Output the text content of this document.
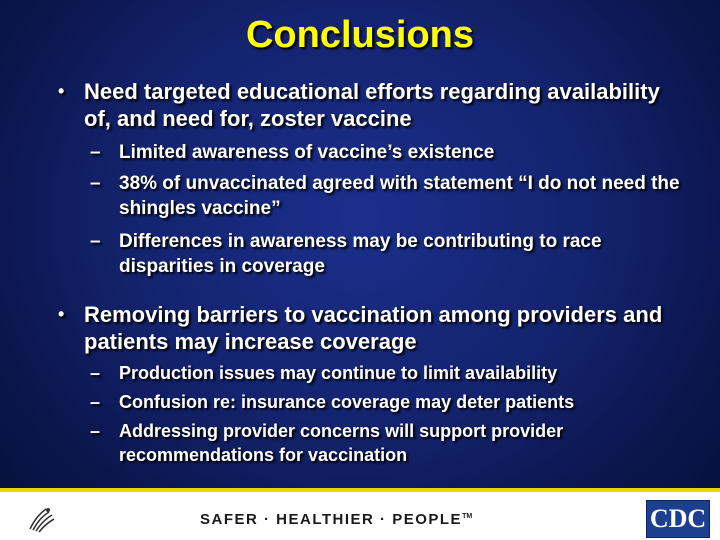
Conclusions
• Need targeted educational efforts regarding availability of, and need for, zoster vaccine
– Limited awareness of vaccine’s existence
– 38% of unvaccinated agreed with statement “I do not need the shingles vaccine”
– Differences in awareness may be contributing to race disparities in coverage
• Removing barriers to vaccination among providers and patients may increase coverage
–	Production issues may continue to limit availability
–	Confusion re: insurance coverage may deter patients
–	Addressing provider concerns will support provider recommendations for vaccination
SAFER · HEALTHIER · PEOPLE™	CDC
